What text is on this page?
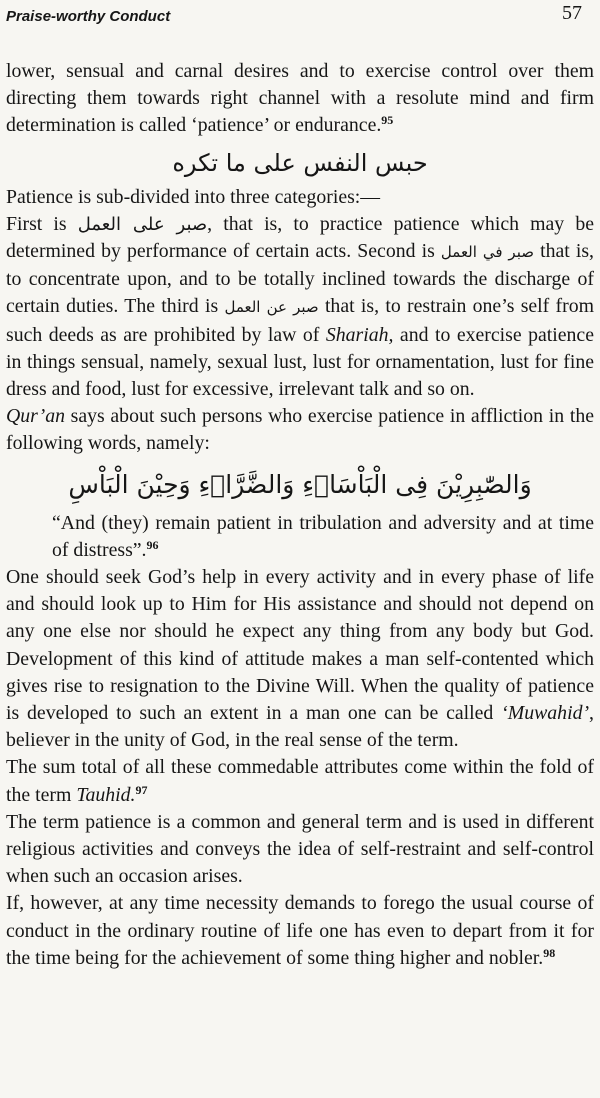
Praise-worthy Conduct	57

lower, sensual and carnal desires and to exercise control over them directing them towards right channel with a resolute mind and firm determination is called ‘patience’ or endurance.$^{95}$

حبس النفس على ما تكره

Patience is sub-divided into three categories:—

First is صبر على العمل, that is, to practice patience which may be determined by performance of certain acts. Second is صبر في العمل that is, to concentrate upon, and to be totally inclined towards the discharge of certain duties. The third is صبر عن العمل that is, to restrain one’s self from such deeds as are prohibited by law of Shariah, and to exercise patience in things sensual, namely, sexual lust, lust for ornamentation, lust for fine dress and food, lust for excessive, irrelevant talk and so on.

Qur’an says about such persons who exercise patience in affliction in the following words, namely:

وَالصّٰبِرِيْنَ فِى الْبَاْسَاۤءِ وَالضَّرَّاۤءِ وَحِيْنَ الْبَاْسِ

“And (they) remain patient in tribulation and adversity and at time of distress”.$^{96}$

One should seek God’s help in every activity and in every phase of life and should look up to Him for His assistance and should not depend on any one else nor should he expect any thing from any body but God. Development of this kind of attitude makes a man self-contented which gives rise to resignation to the Divine Will. When the quality of patience is developed to such an extent in a man one can be called ‘Muwahid’, believer in the unity of God, in the real sense of the term.

The sum total of all these commedable attributes come within the fold of the term Tauhid.$^{97}$

The term patience is a common and general term and is used in different religious activities and conveys the idea of self-restraint and self-control when such an occasion arises.

If, however, at any time necessity demands to forego the usual course of conduct in the ordinary routine of life one has even to depart from it for the time being for the achievement of some thing higher and nobler.$^{98}$
